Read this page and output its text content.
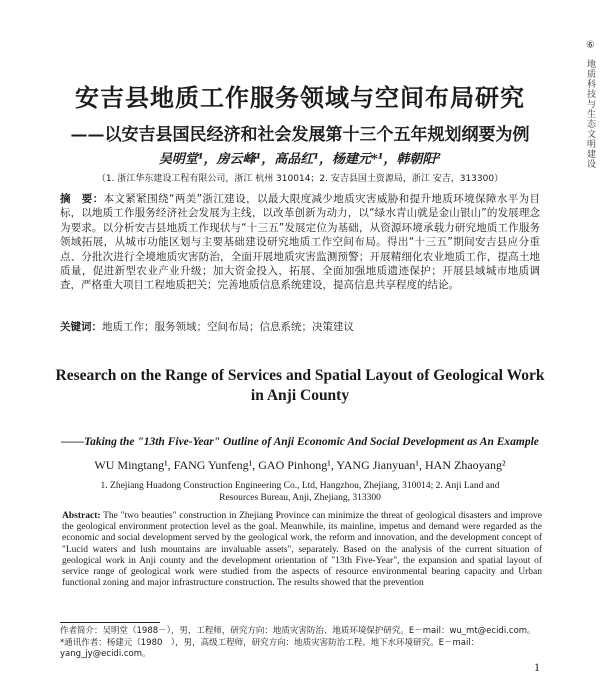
⑥ 地质科技与生态文明建设
安吉县地质工作服务领域与空间布局研究
——以安吉县国民经济和社会发展第十三个五年规划纲要为例
吴明堂¹，房云峰¹，高品红¹，杨建元*¹，韩朝阳²
（1. 浙江华东建设工程有限公司，浙江 杭州 310014；2. 安吉县国土资源局，浙江 安吉，313300）
摘　要：本文紧紧围绕“两美”浙江建设，以最大限度减少地质灾害威胁和提升地质环境保障水平为目标，以地质工作服务经济社会发展为主线，以改革创新为动力，以“绿水青山就是金山银山”的发展理念为要求。以分析安吉县地质工作现状与“十三五”发展定位为基础，从资源环境承载力研究地质工作服务领域拓展，从城市功能区划与主要基础建设研究地质工作空间布局。得出“十三五”期间安吉县应分重点、分批次进行全境地质灾害防治，全面开展地质灾害监测预警；开展精细化农业地质工作，提高土地质量，促进新型农业产业升级；加大资金投入，拓展、全面加强地质遗迹保护；开展县域城市地质调查，严格重大项目工程地质把关；完善地质信息系统建设，提高信息共享程度的结论。
关键词：地质工作；服务领域；空间布局；信息系统；决策建议
Research on the Range of Services and Spatial Layout of Geological Work in Anji County
——Taking the "13th Five-Year" Outline of Anji Economic And Social Development as An Example
WU Mingtang¹, FANG Yunfeng¹, GAO Pinhong¹, YANG Jianyuan¹, HAN Zhaoyang²
1. Zhejiang Huadong Construction Engineering Co., Ltd, Hangzhou, Zhejiang, 310014; 2. Anji Land and Resources Bureau, Anji, Zhejiang, 313300
Abstract: The "two beauties" construction in Zhejiang Province can minimize the threat of geological disasters and improve the geological environment protection level as the goal. Meanwhile, its mainline, impetus and demand were regarded as the economic and social development served by the geological work, the reform and innovation, and the development concept of "Lucid waters and lush mountains are invaluable assets", separately. Based on the analysis of the current situation of geological work in Anji county and the development orientation of "13th Five-Year", the expansion and spatial layout of service range of geological work were studied from the aspects of resource environmental bearing capacity and Urban functional zoning and major infrastructure construction. The results showed that the prevention
作者简介：吴明堂（1988－），男，工程师，研究方向：地质灾害防治、地质环境保护研究。E－mail：wu_mt@ecidi.com。
*通讯作者：杨建元（1980　），男，高级工程师，研究方向：地质灾害防治工程、地下水环境研究。E－mail：yang_jy@ecidi.com。
1
